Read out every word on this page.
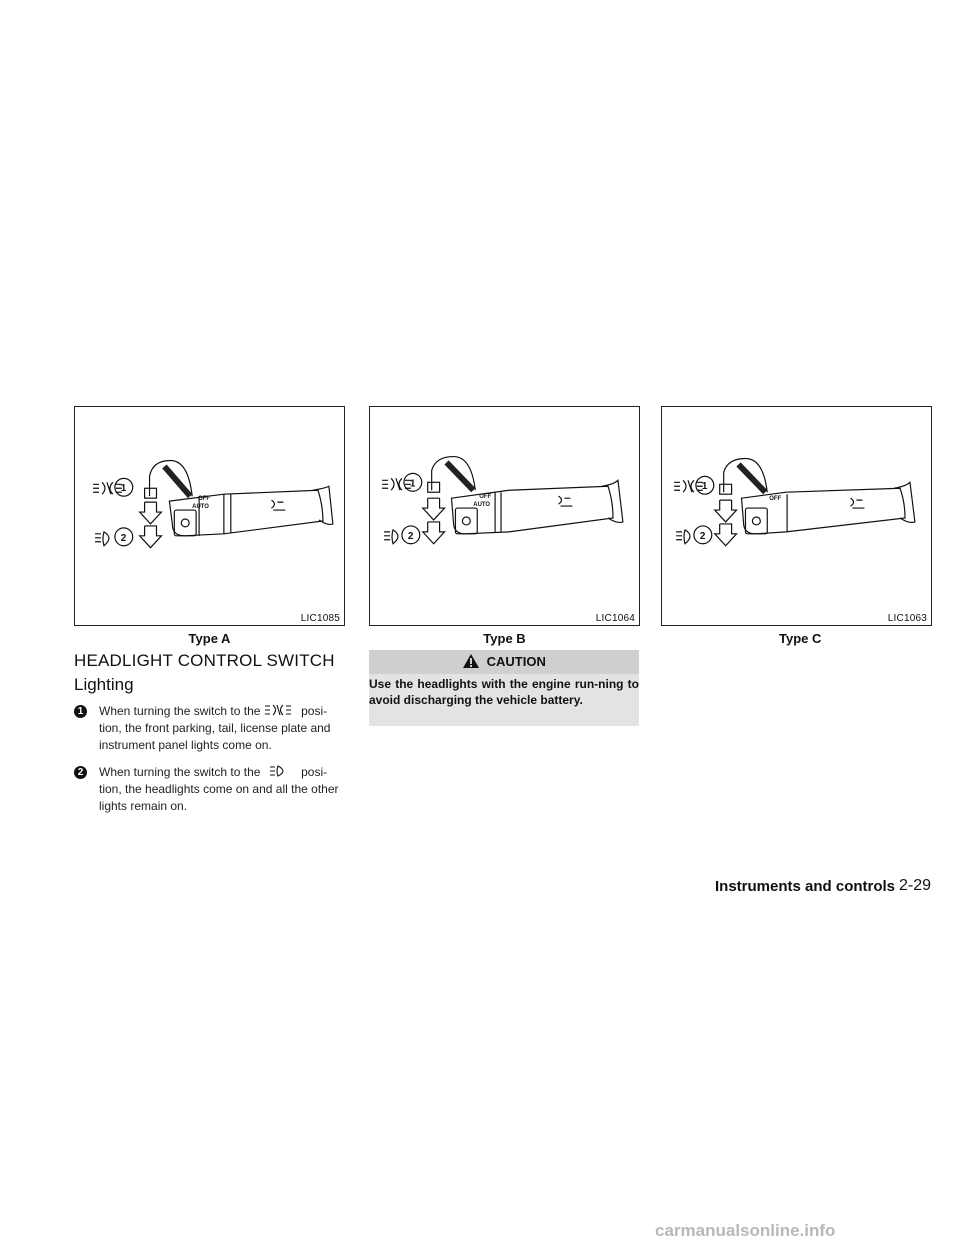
1
2
OFF
AUTO
LIC1085
Type A
1
2
OFF
AUTO
LIC1064
Type B
1
2
OFF
LIC1063
Type C
HEADLIGHT CONTROL SWITCH
Lighting
1	When turning the switch to the	posi-tion, the front parking, tail, license plate and instrument panel lights come on.
2	When turning the switch to the	posi-tion, the headlights come on and all the other lights remain on.
CAUTION
Use the headlights with the engine run-ning to avoid discharging the vehicle battery.
Instruments and controls 2-29
carmanualsonline.info
